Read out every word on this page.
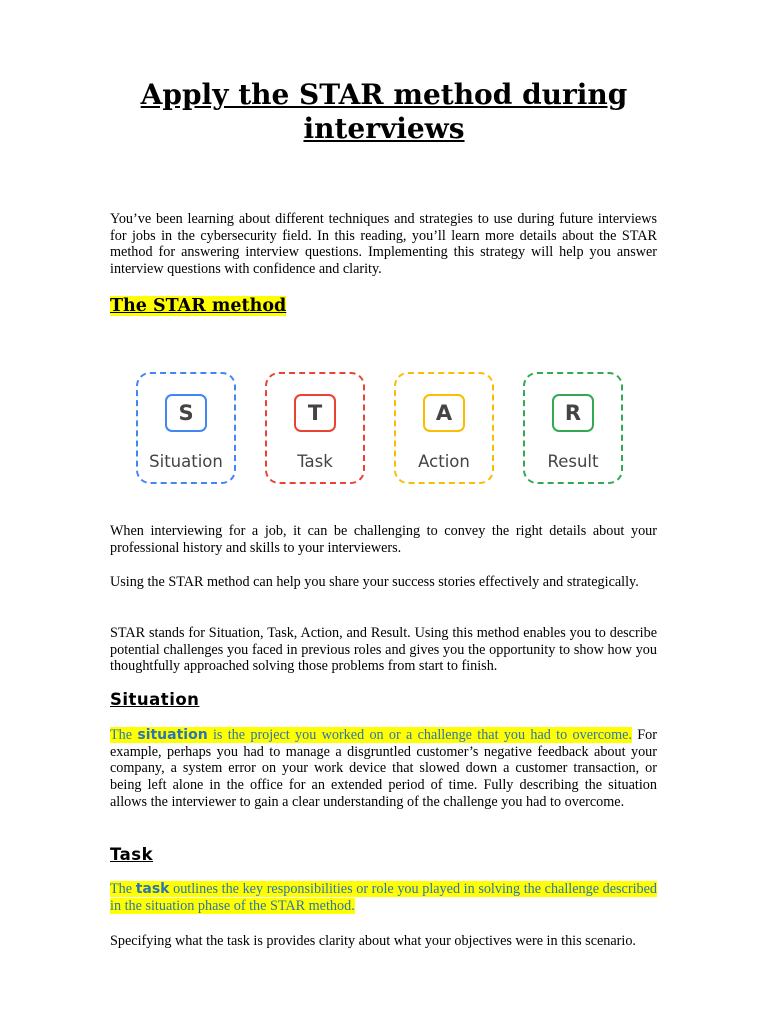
Apply the STAR method during interviews

You’ve been learning about different techniques and strategies to use during future interviews for jobs in the cybersecurity field. In this reading, you’ll learn more details about the STAR method for answering interview questions. Implementing this strategy will help you answer interview questions with confidence and clarity.

The STAR method
S
Situation
T
Task
A
Action
R
Result

When interviewing for a job, it can be challenging to convey the right details about your professional history and skills to your interviewers.

Using the STAR method can help you share your success stories effectively and strategically.

STAR stands for Situation, Task, Action, and Result. Using this method enables you to describe potential challenges you faced in previous roles and gives you the opportunity to show how you thoughtfully approached solving those problems from start to finish.

Situation

The situation is the project you worked on or a challenge that you had to overcome. For example, perhaps you had to manage a disgruntled customer’s negative feedback about your company, a system error on your work device that slowed down a customer transaction, or being left alone in the office for an extended period of time. Fully describing the situation allows the interviewer to gain a clear understanding of the challenge you had to overcome.

Task

The task outlines the key responsibilities or role you played in solving the challenge described in the situation phase of the STAR method.

Specifying what the task is provides clarity about what your objectives were in this scenario.
